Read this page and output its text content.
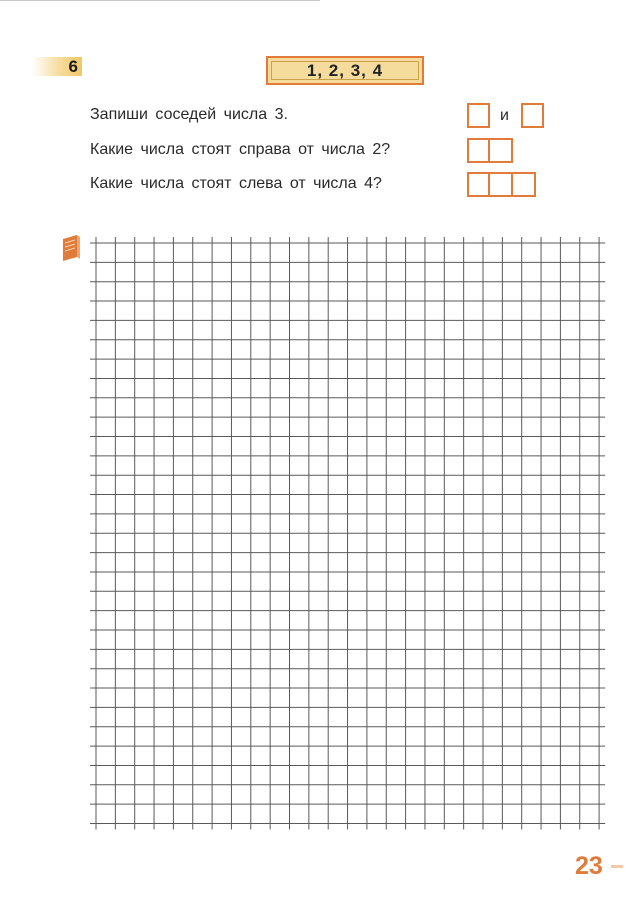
6	1, 2, 3, 4
Запиши соседей числа 3.	и
Какие числа стоят справа от числа 2?
Какие числа стоят слева от числа 4?
23
